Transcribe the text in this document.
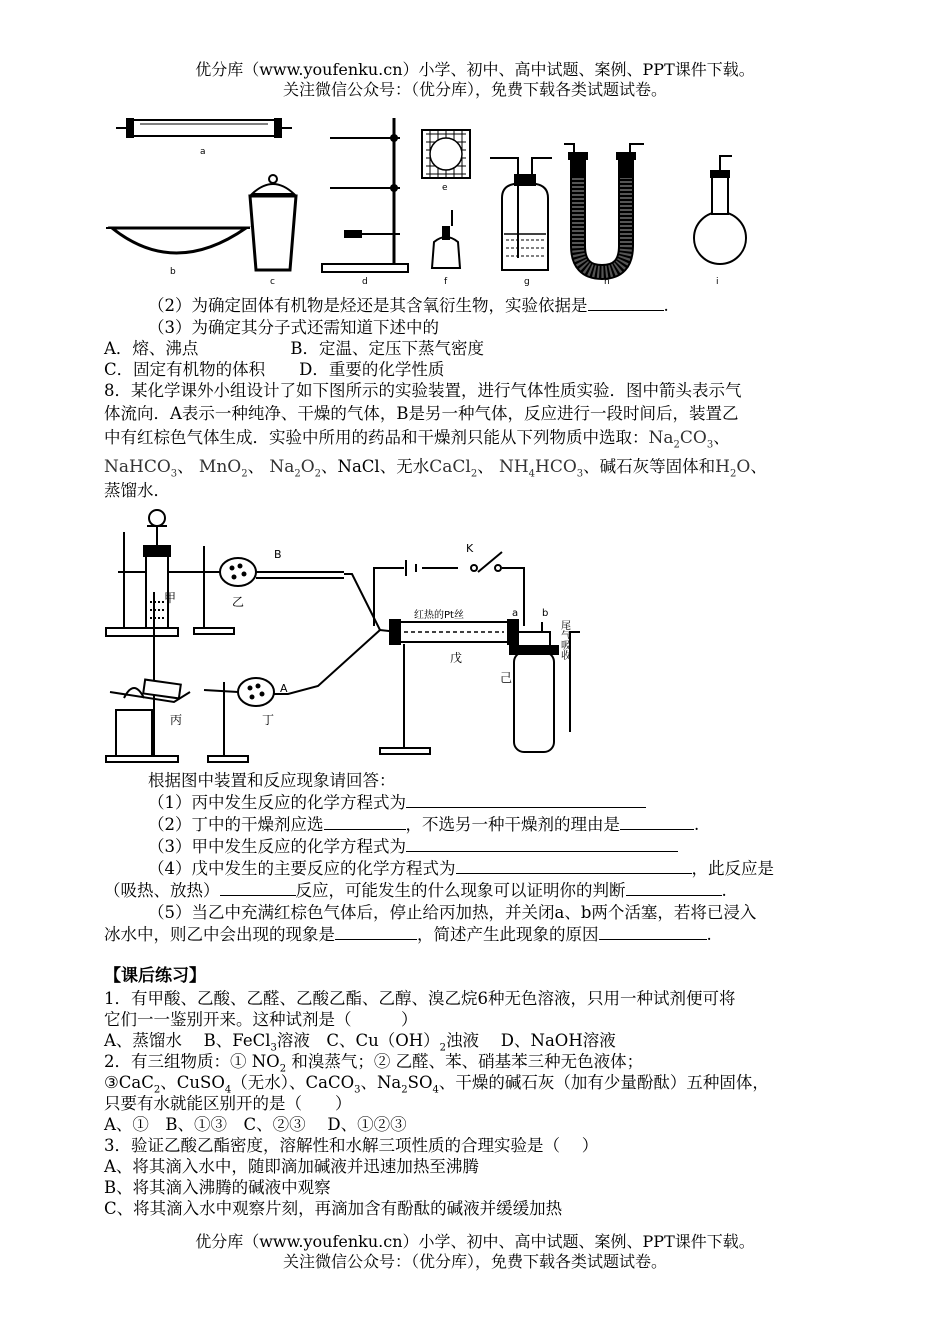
优分库（www.youfenku.cn）小学、初中、高中试题、案例、PPT课件下载。
关注微信公众号：（优分库），免费下载各类试题试卷。
a
b
c	d
e
f	g	h	i
（2）为确定固体有机物是烃还是其含氧衍生物，实验依据是	.
（3）为确定其分子式还需知道下述中的
A．熔、沸点	B．定温、定压下蒸气密度
C．固定有机物的体积 D．重要的化学性质
8．某化学课外小组设计了如下图所示的实验装置，进行气体性质实验．图中箭头表示气
体流向．A表示一种纯净、干燥的气体，B是另一种气体，反应进行一段时间后，装置乙
中有红棕色气体生成．实验中所用的药品和干燥剂只能从下列物质中选取：$Na_2CO_3$、
NaHCO$_3$、 MnO$_2$、 $Na_2O_2$、NaCl、无水CaCl$_2$、 $NH_4HCO_3$、碱石灰等固体和$H_2O$、
蒸馏水．
甲	乙
B	K
红热的Pt丝	a b
戊
己
尾气吸收
A
丙	丁
根据图中装置和反应现象请回答：
（1）丙中发生反应的化学方程式为
（2）丁中的干燥剂应选	，不选另一种干燥剂的理由是	.
（3）甲中发生反应的化学方程式为
（4）戊中发生的主要反应的化学方程式为	，此反应是
（吸热、放热）	反应，可能发生的什么现象可以证明你的判断	.
（5）当乙中充满红棕色气体后，停止给丙加热，并关闭a、b两个活塞，若将已浸入
冰水中，则乙中会出现的现象是	，简述产生此现象的原因	.
【课后练习】
1．有甲酸、乙酸、乙醛、乙酸乙酯、乙醇、溴乙烷6种无色溶液，只用一种试剂便可将
它们一一鉴别开来。这种试剂是（　　　）
A、蒸馏水　 B、FeCl$_3$溶液　C、$Cu(OH)_2$浊液　 D、NaOH溶液
2．有三组物质：① $NO_2$ 和溴蒸气；② 乙醛、苯、硝基苯三种无色液体；
③CaC$_2$、CuSO$_4$（无水）、CaCO$_3$、$Na_2SO_4$、干燥的碱石灰（加有少量酚酞）五种固体，
只要有水就能区别开的是（　　）
A、①　B、①③　C、②③　 D、①②③
3．验证乙酸乙酯密度，溶解性和水解三项性质的合理实验是（　 ）
A、将其滴入水中，随即滴加碱液并迅速加热至沸腾
B、将其滴入沸腾的碱液中观察
C、将其滴入水中观察片刻，再滴加含有酚酞的碱液并缓缓加热
优分库（www.youfenku.cn）小学、初中、高中试题、案例、PPT课件下载。
关注微信公众号：（优分库），免费下载各类试题试卷。
